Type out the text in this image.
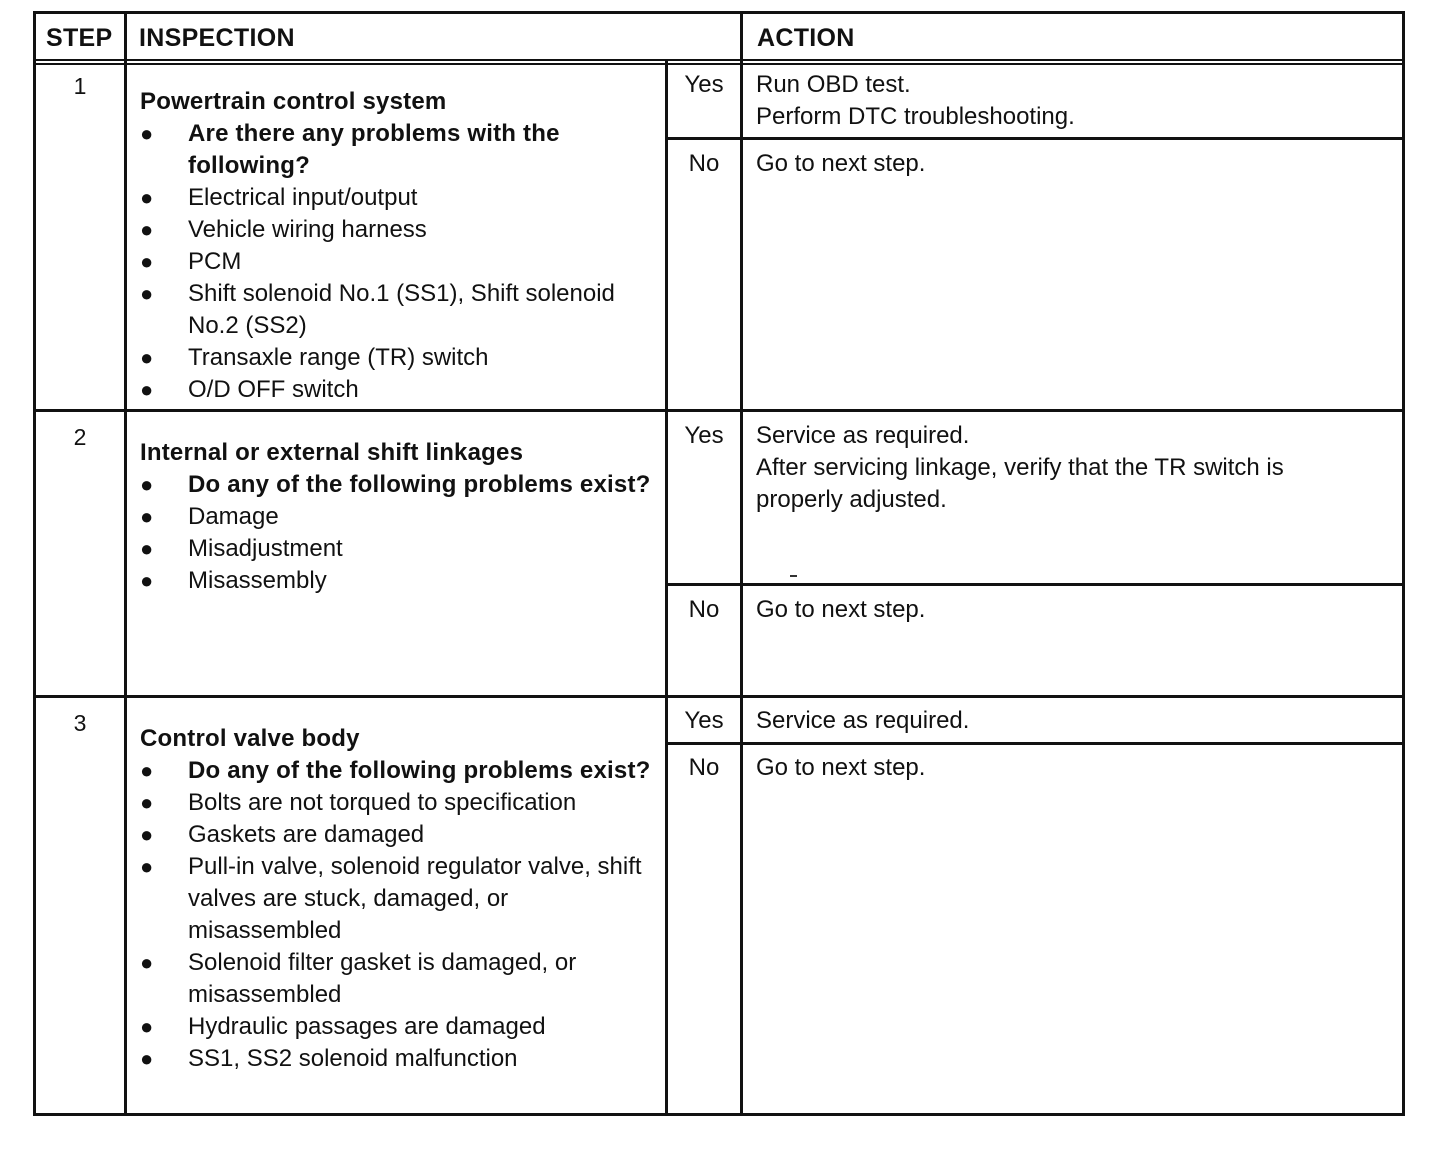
STEP INSPECTION	ACTION
1
Powertrain control system
● Are there any problems with the following?
● Electrical input/output
● Vehicle wiring harness
● PCM
● Shift solenoid No.1 (SS1), Shift solenoid No.2 (SS2)
● Transaxle range (TR) switch
● O/D OFF switch
Yes	Run OBD test.
Perform DTC troubleshooting.
No	Go to next step.
2
Internal or external shift linkages
● Do any of the following problems exist?
● Damage
● Misadjustment
● Misassembly
Yes	Service as required.
After servicing linkage, verify that the TR switch is properly adjusted.
No	Go to next step.
3
Control valve body
● Do any of the following problems exist?
● Bolts are not torqued to specification
● Gaskets are damaged
● Pull-in valve, solenoid regulator valve, shift valves are stuck, damaged, or misassembled
● Solenoid filter gasket is damaged, or misassembled
● Hydraulic passages are damaged
● SS1, SS2 solenoid malfunction
Yes	Service as required.
No	Go to next step.
